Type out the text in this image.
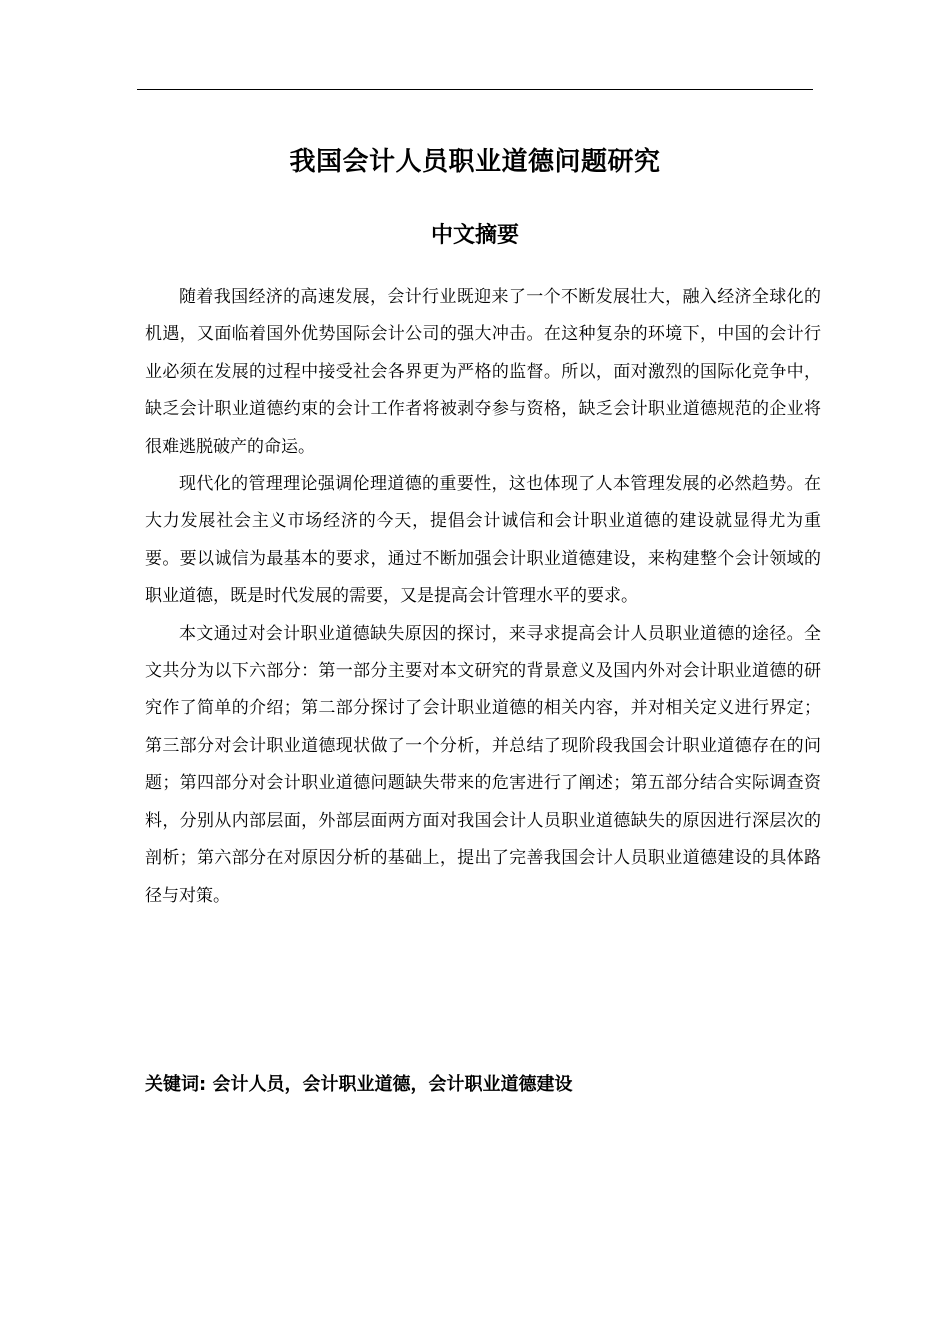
我国会计人员职业道德问题研究
中文摘要

随着我国经济的高速发展，会计行业既迎来了一个不断发展壮大，融入经济全球化的机遇，又面临着国外优势国际会计公司的强大冲击。在这种复杂的环境下，中国的会计行业必须在发展的过程中接受社会各界更为严格的监督。所以，面对激烈的国际化竞争中，缺乏会计职业道德约束的会计工作者将被剥夺参与资格，缺乏会计职业道德规范的企业将很难逃脱破产的命运。

现代化的管理理论强调伦理道德的重要性，这也体现了人本管理发展的必然趋势。在大力发展社会主义市场经济的今天，提倡会计诚信和会计职业道德的建设就显得尤为重要。要以诚信为最基本的要求，通过不断加强会计职业道德建设，来构建整个会计领域的职业道德，既是时代发展的需要，又是提高会计管理水平的要求。

本文通过对会计职业道德缺失原因的探讨，来寻求提高会计人员职业道德的途径。全文共分为以下六部分：第一部分主要对本文研究的背景意义及国内外对会计职业道德的研究作了简单的介绍；第二部分探讨了会计职业道德的相关内容，并对相关定义进行界定；第三部分对会计职业道德现状做了一个分析，并总结了现阶段我国会计职业道德存在的问题；第四部分对会计职业道德问题缺失带来的危害进行了阐述；第五部分结合实际调查资料，分别从内部层面，外部层面两方面对我国会计人员职业道德缺失的原因进行深层次的剖析；第六部分在对原因分析的基础上，提出了完善我国会计人员职业道德建设的具体路径与对策。

关键词: 会计人员，会计职业道德，会计职业道德建设
